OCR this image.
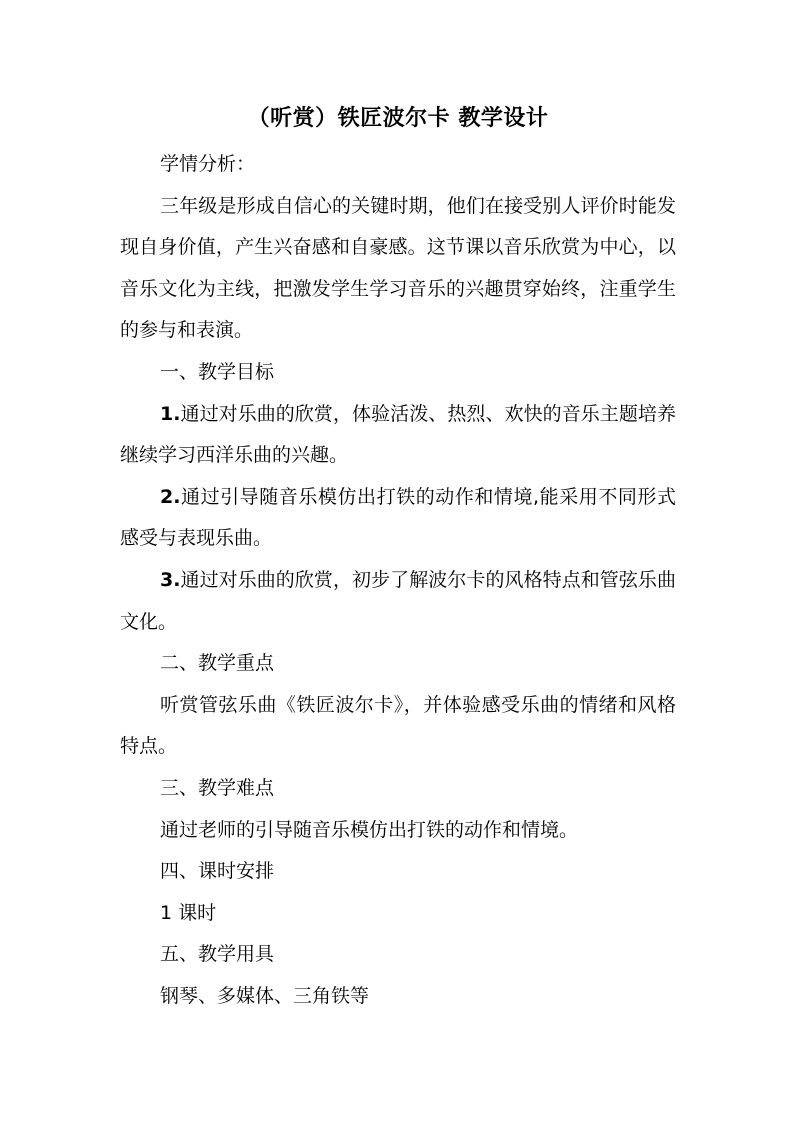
（听赏）铁匠波尔卡 教学设计

学情分析：

三年级是形成自信心的关键时期，他们在接受别人评价时能发现自身价值，产生兴奋感和自豪感。这节课以音乐欣赏为中心，以音乐文化为主线，把激发学生学习音乐的兴趣贯穿始终，注重学生的参与和表演。

一、教学目标

1.通过对乐曲的欣赏，体验活泼、热烈、欢快的音乐主题培养继续学习西洋乐曲的兴趣。

2.通过引导随音乐模仿出打铁的动作和情境,能采用不同形式感受与表现乐曲。

3.通过对乐曲的欣赏，初步了解波尔卡的风格特点和管弦乐曲文化。

二、教学重点

听赏管弦乐曲《铁匠波尔卡》，并体验感受乐曲的情绪和风格特点。

三、教学难点

通过老师的引导随音乐模仿出打铁的动作和情境。

四、课时安排

1 课时

五、教学用具

钢琴、多媒体、三角铁等
